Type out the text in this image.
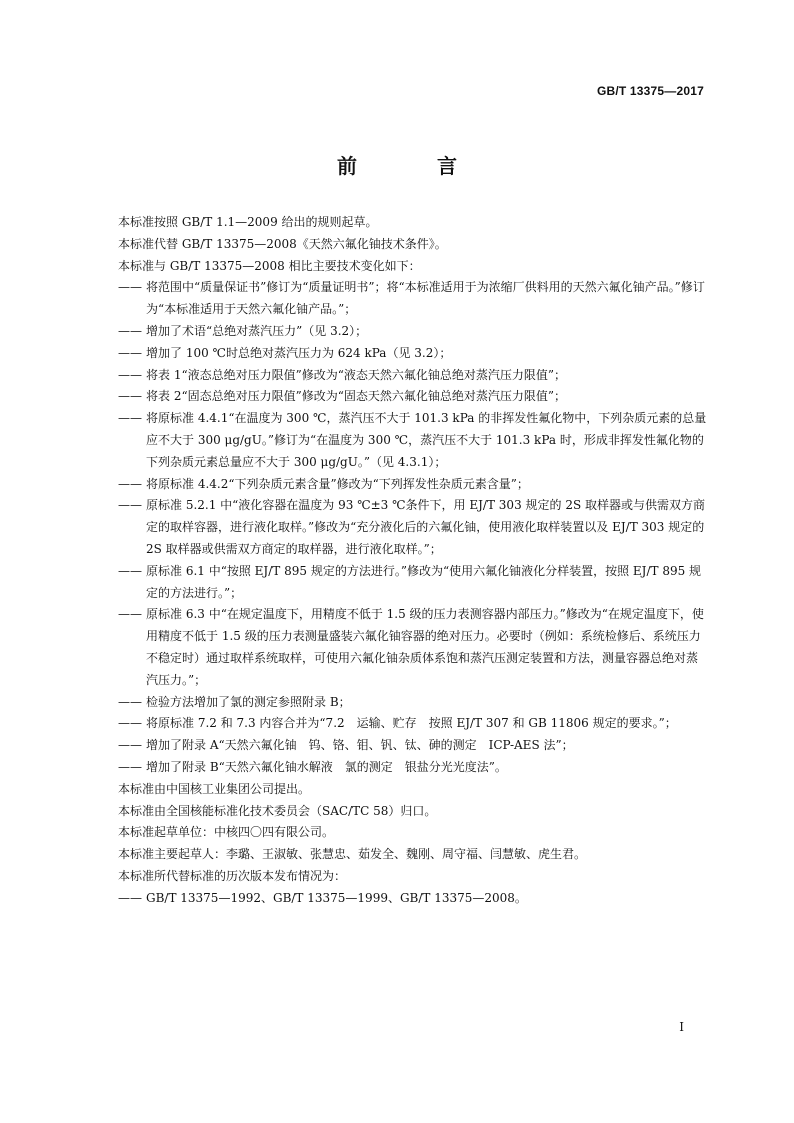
GB/T 13375—2017
前　言

本标准按照 GB/T 1.1—2009 给出的规则起草。

本标准代替 GB/T 13375—2008《天然六氟化铀技术条件》。

本标准与 GB/T 13375—2008 相比主要技术变化如下：

—— 将范围中“质量保证书”修订为“质量证明书”；将“本标准适用于为浓缩厂供料用的天然六氟化铀产品。”修订为“本标准适用于天然六氟化铀产品。”；
—— 增加了术语“总绝对蒸汽压力”（见 3.2）；
—— 增加了 100 ℃时总绝对蒸汽压力为 624 kPa（见 3.2）；
—— 将表 1“液态总绝对压力限值”修改为“液态天然六氟化铀总绝对蒸汽压力限值”；
—— 将表 2“固态总绝对压力限值”修改为“固态天然六氟化铀总绝对蒸汽压力限值”；
—— 将原标准 4.4.1“在温度为 300 ℃，蒸汽压不大于 101.3 kPa 的非挥发性氟化物中，下列杂质元素的总量应不大于 300 μg/gU。”修订为“在温度为 300 ℃，蒸汽压不大于 101.3 kPa 时，形成非挥发性氟化物的下列杂质元素总量应不大于 300 μg/gU。”（见 4.3.1）；
—— 将原标准 4.4.2“下列杂质元素含量”修改为“下列挥发性杂质元素含量”；
—— 原标准 5.2.1 中“液化容器在温度为 93 ℃±3 ℃条件下，用 EJ/T 303 规定的 2S 取样器或与供需双方商定的取样容器，进行液化取样。”修改为“充分液化后的六氟化铀，使用液化取样装置以及 EJ/T 303 规定的 2S 取样器或供需双方商定的取样器，进行液化取样。”；
—— 原标准 6.1 中“按照 EJ/T 895 规定的方法进行。”修改为“使用六氟化铀液化分样装置，按照 EJ/T 895 规定的方法进行。”；
—— 原标准 6.3 中“在规定温度下，用精度不低于 1.5 级的压力表测容器内部压力。”修改为“在规定温度下，使用精度不低于 1.5 级的压力表测量盛装六氟化铀容器的绝对压力。必要时（例如：系统检修后、系统压力不稳定时）通过取样系统取样，可使用六氟化铀杂质体系饱和蒸汽压测定装置和方法，测量容器总绝对蒸汽压力。”；
—— 检验方法增加了氯的测定参照附录 B；
—— 将原标准 7.2 和 7.3 内容合并为“7.2　运输、贮存　按照 EJ/T 307 和 GB 11806 规定的要求。”；
—— 增加了附录 A“天然六氟化铀　钨、铬、钼、钒、钛、砷的测定　ICP-AES 法”；
—— 增加了附录 B“天然六氟化铀水解液　氯的测定　银盐分光光度法”。

本标准由中国核工业集团公司提出。

本标准由全国核能标准化技术委员会（SAC/TC 58）归口。

本标准起草单位：中核四〇四有限公司。

本标准主要起草人：李璐、王淑敏、张慧忠、茹发全、魏刚、周守福、闫慧敏、虎生君。

本标准所代替标准的历次版本发布情况为：

—— GB/T 13375—1992、GB/T 13375—1999、GB/T 13375—2008。
I
